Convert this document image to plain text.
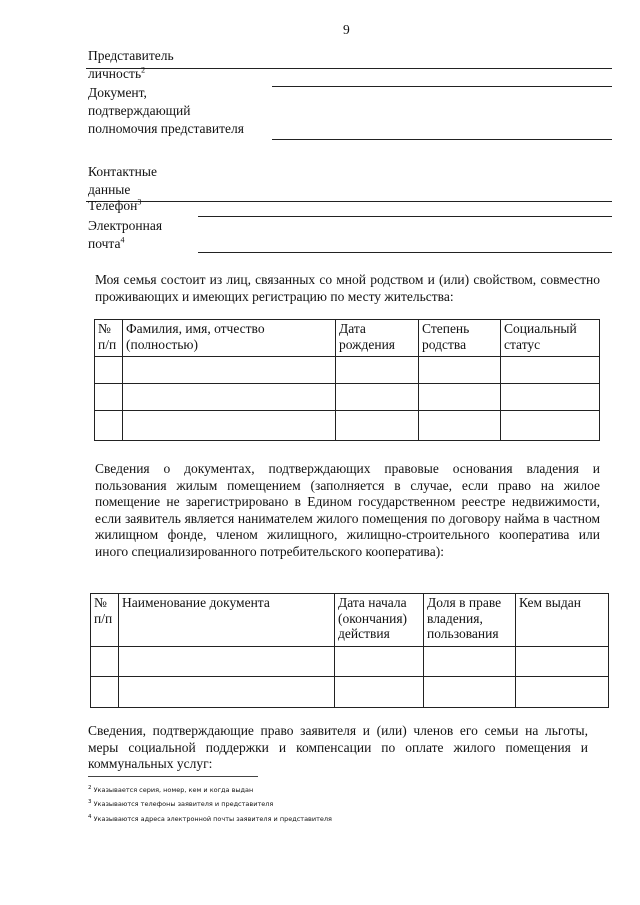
9
Представитель
личность$^2$
Документ,
подтверждающий
полномочия представителя
Контактные
данные
Телефон$^3$
Электронная
почта$^4$
Моя семья состоит из лиц, связанных со мной родством и (или) свойством, совместно проживающих и имеющих регистрацию по месту жительства:
№ п/п	Фамилия, имя, отчество (полностью)	Дата рождения	Степень родства	Социальный статус

Сведения о документах, подтверждающих правовые основания владения и пользования жилым помещением (заполняется в случае, если право на жилое помещение не зарегистрировано в Едином государственном реестре недвижимости, если заявитель является нанимателем жилого помещения по договору найма в частном жилищном фонде, членом жилищного, жилищно-строительного кооператива или иного специализированного потребительского кооператива):
№ п/п	Наименование документа	Дата начала (окончания) действия	Доля в праве владения, пользования	Кем выдан

Сведения, подтверждающие право заявителя и (или) членов его семьи на льготы, меры социальной поддержки и компенсации по оплате жилого помещения и коммунальных услуг:
$^2$ Указывается серия, номер, кем и когда выдан
$^3$ Указываются телефоны заявителя и представителя
$^4$ Указываются адреса электронной почты заявителя и представителя
